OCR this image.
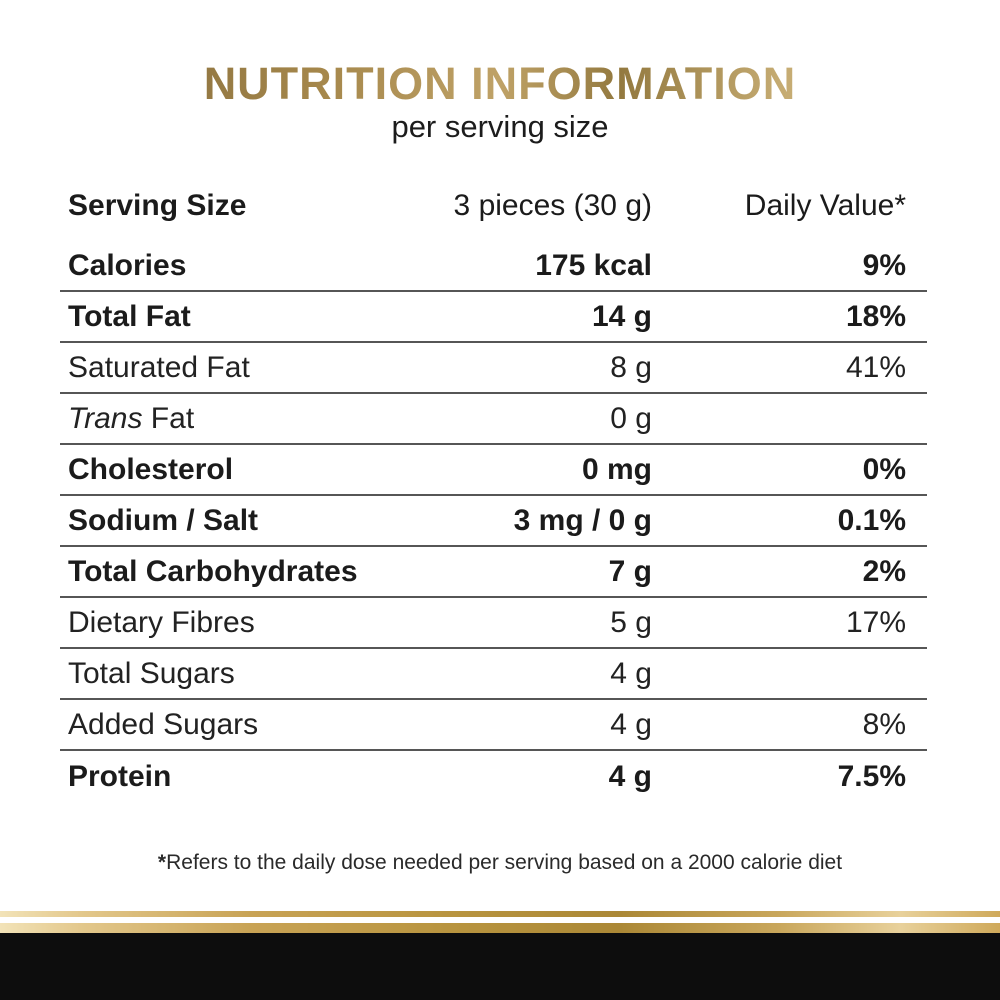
NUTRITION INFORMATION
per serving size
Serving Size	3 pieces (30 g)	Daily Value*
Calories	175 kcal	9%
Total Fat	14 g	18%
Saturated Fat	8 g	41%
Trans Fat	0 g
Cholesterol	0 mg	0%
Sodium / Salt	3 mg / 0 g	0.1%
Total Carbohydrates	7 g	2%
Dietary Fibres	5 g	17%
Total Sugars	4 g
Added Sugars	4 g	8%
Protein	4 g	7.5%
*Refers to the daily dose needed per serving based on a 2000 calorie diet
